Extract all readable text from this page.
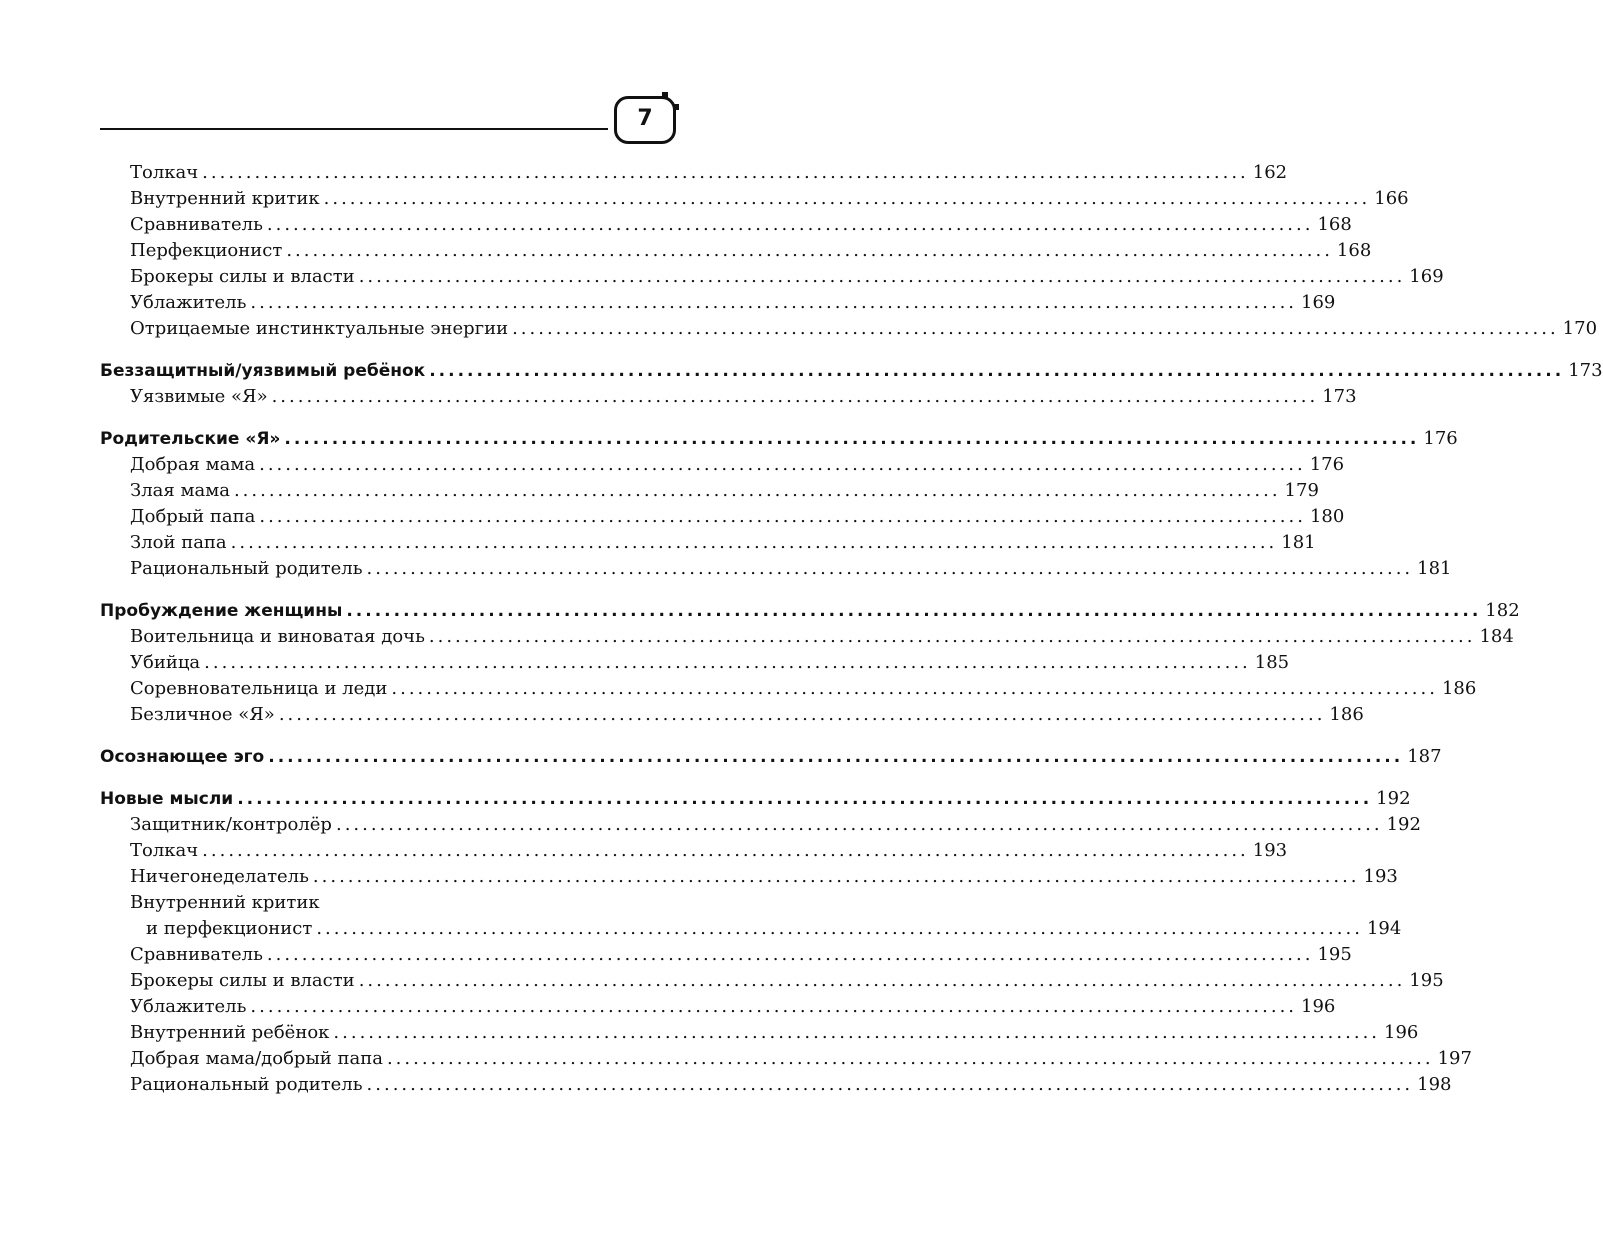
7
Толкач ........................................................................................................................ 162
Внутренний критик ........................................................................................................................ 166
Сравниватель ........................................................................................................................ 168
Перфекционист ........................................................................................................................ 168
Брокеры силы и власти ........................................................................................................................ 169
Ублажитель ........................................................................................................................ 169
Отрицаемые инстинктуальные энергии ........................................................................................................................ 170
Беззащитный/уязвимый ребёнок ........................................................................................................................ 173
Уязвимые «Я» ........................................................................................................................ 173
Родительские «Я» ........................................................................................................................ 176
Добрая мама ........................................................................................................................ 176
Злая мама ........................................................................................................................ 179
Добрый папа ........................................................................................................................ 180
Злой папа ........................................................................................................................ 181
Рациональный родитель ........................................................................................................................ 181
Пробуждение женщины ........................................................................................................................ 182
Воительница и виноватая дочь ........................................................................................................................ 184
Убийца ........................................................................................................................ 185
Соревновательница и леди ........................................................................................................................ 186
Безличное «Я» ........................................................................................................................ 186
Осознающее эго ........................................................................................................................ 187
Новые мысли ........................................................................................................................ 192
Защитник/контролёр ........................................................................................................................ 192
Толкач ........................................................................................................................ 193
Ничегонеделатель ........................................................................................................................ 193
Внутренний критик
и перфекционист ........................................................................................................................ 194
Сравниватель ........................................................................................................................ 195
Брокеры силы и власти ........................................................................................................................ 195
Ублажитель ........................................................................................................................ 196
Внутренний ребёнок ........................................................................................................................ 196
Добрая мама/добрый папа ........................................................................................................................ 197
Рациональный родитель ........................................................................................................................ 198
